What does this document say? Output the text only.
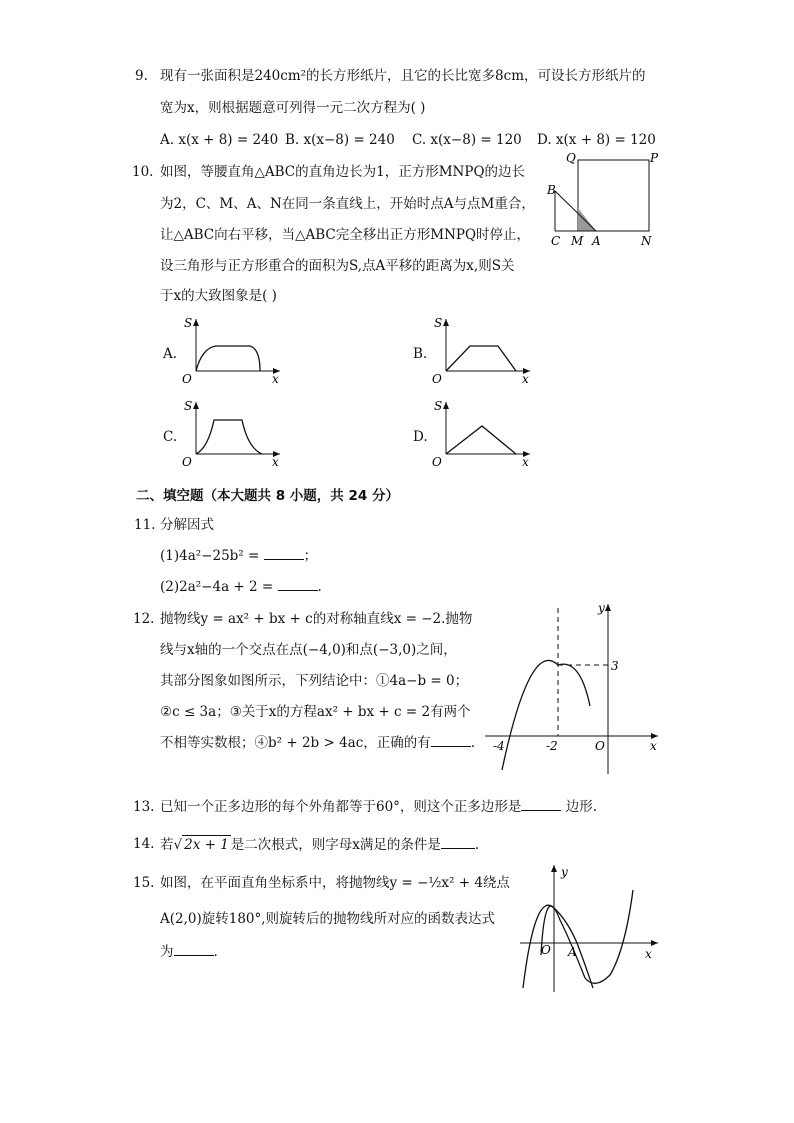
9. 现有一张面积是240cm²的长方形纸片，且它的长比宽多8cm，可设长方形纸片的
宽为x，则根据题意可列得一元二次方程为( )
A. x(x + 8) = 240 B. x(x−8) = 240 C. x(x−8) = 120 D. x(x + 8) = 120
10. 如图，等腰直角△ABC的直角边长为1，正方形MNPQ的边长
为2，C、M、A、N在同一条直线上，开始时点A与点M重合，
让△ABC向右平移，当△ABC完全移出正方形MNPQ时停止，
设三角形与正方形重合的面积为S,点A平移的距离为x,则S关
于x的大致图象是( )
Q	P
B
C M A	N
A.
S
O	x
B.
S
O	x
C.
S
O	x
D.
S
O	x
二、填空题（本大题共 8 小题，共 24 分）
11. 分解因式
(1)4a²−25b² =	；
(2)2a²−4a + 2 =	.
12. 抛物线y = ax² + bx + c的对称轴直线x = −2.抛物
线与x轴的一个交点在点(−4,0)和点(−3,0)之间，
其部分图象如图所示，下列结论中：①4a−b = 0；
②c ≤ 3a；③关于x的方程ax² + bx + c = 2有两个
不相等实数根；④b² + 2b > 4ac，正确的有	.
y
x
O
-4	-2
3
13. 已知一个正多边形的每个外角都等于60°，则这个正多边形是	边形.
14. 若√ 2x + 1 是二次根式，则字母x满足的条件是	.
15. 如图，在平面直角坐标系中，将抛物线y = −½x² + 4绕点
A(2,0)旋转180°,则旋转后的抛物线所对应的函数表达式
为	.
y
x
O A
